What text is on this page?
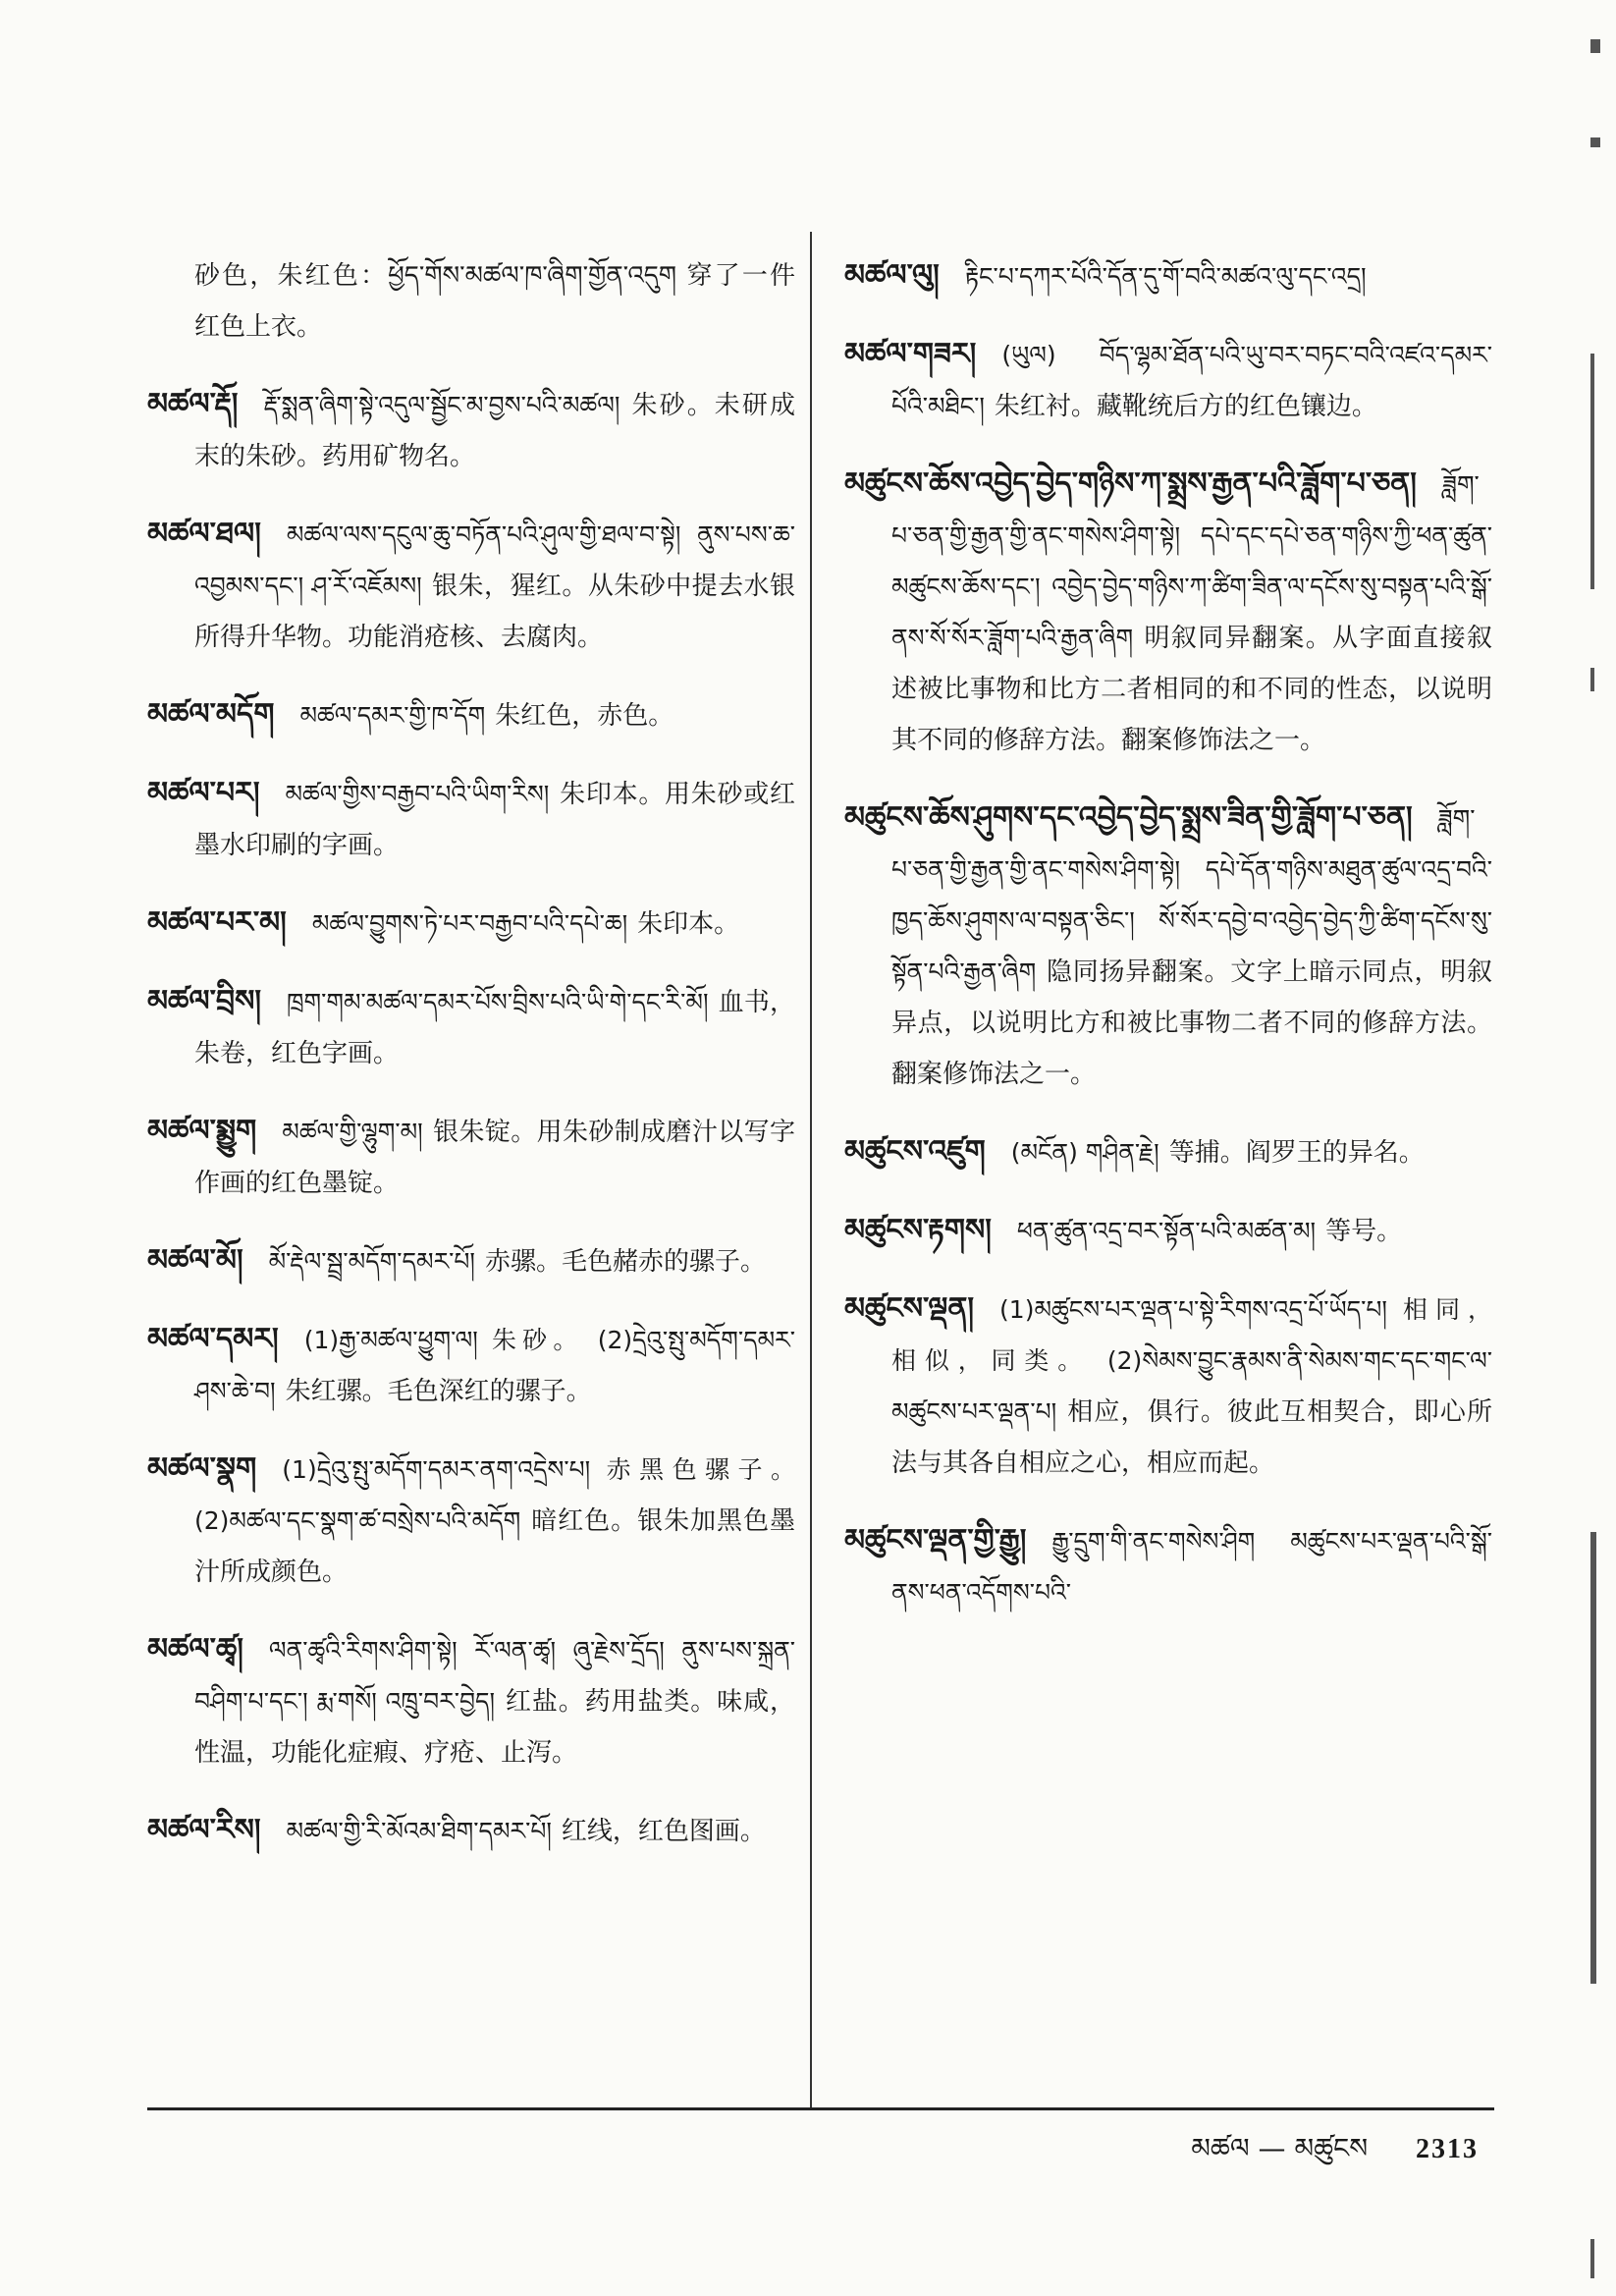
砂色，朱红色：ཕྱོད་གོས་མཚལ་ཁ་ཞིག་གྱོན་འདུག 穿了一件红色上衣。

མཚལ་རྡོ། རྡོ་སྨན་ཞིག་སྟེ་འདུལ་སྦྱོང་མ་བྱས་པའི་མཚལ། 朱砂。未研成末的朱砂。药用矿物名。

མཚལ་ཐལ། མཚལ་ལས་དངུལ་ཆུ་བཏོན་པའི་ཤུལ་གྱི་ཐལ་བ་སྟེ། ནུས་པས་ཆ་འབྱམས་དང་། ཤ་རོ་འཇོམས། 银朱，猩红。从朱砂中提去水银所得升华物。功能消疮核、去腐肉。

མཚལ་མདོག མཚལ་དམར་གྱི་ཁ་དོག 朱红色，赤色。

མཚལ་པར། མཚལ་གྱིས་བརྒྱབ་པའི་ཡིག་རིས། 朱印本。用朱砂或红墨水印刷的字画。

མཚལ་པར་མ། མཚལ་བྱུགས་ཏེ་པར་བརྒྱབ་པའི་དཔེ་ཆ། 朱印本。

མཚལ་བྲིས། ཁྲག་གམ་མཚལ་དམར་པོས་བྲིས་པའི་ཡི་གེ་དང་རི་མོ། 血书，朱卷，红色字画。

མཚལ་སྨྱུག མཚལ་གྱི་ལྷུག་མ། 银朱锭。用朱砂制成磨汁以写字作画的红色墨锭。

མཚལ་མོ། མོ་རྡེལ་སྦྲ་མདོག་དམར་པོ། 赤骡。毛色赭赤的骡子。

མཚལ་དམར། (1)རྒྱ་མཚལ་ཕྱུག་ལ། 朱砂。 (2)དྲེའུ་སྤུ་མདོག་དམར་ཤས་ཆེ་བ། 朱红骡。毛色深红的骡子。

མཚལ་སྣག (1)དྲེའུ་སྤུ་མདོག་དམར་ནག་འདྲེས་པ། 赤黑色骡子。 (2)མཚལ་དང་སྣག་ཚ་བསྲེས་པའི་མདོག 暗红色。银朱加黑色墨汁所成颜色。

མཚལ་ཚྭ། ལན་ཚྭའི་རིགས་ཤིག་སྟེ། རོ་ལན་ཚྭ། ཞུ་རྗེས་དྲོད། ནུས་པས་སྐྲན་བཤིག་པ་དང་། རྨ་གསོ། འཁྲུ་བར་བྱེད། 红盐。药用盐类。味咸，性温，功能化症瘕、疗疮、止泻。

མཚལ་རིས། མཚལ་གྱི་རི་མོའམ་ཐིག་དམར་པོ། 红线，红色图画。

མཚལ་ལུ། རྟིང་པ་དཀར་པོའི་དོན་དུ་གོ་བའི་མཚའ་ལུ་དང་འདྲ།

མཚལ་གཟར། (ཡུལ) བོད་ལྷམ་ཐོན་པའི་ཡུ་བར་བཏང་བའི་འཛའ་དམར་པོའི་མཐིང་། 朱红衬。藏靴统后方的红色镶边。

མཚུངས་ཆོས་འབྱེད་བྱེད་གཉིས་ཀ་སྨྲས་རྒྱན་པའི་ཟློག་པ་ཅན། ཟློག་པ་ཅན་གྱི་རྒྱན་གྱི་ནང་གསེས་ཤིག་སྟེ། དཔེ་དང་དཔེ་ཅན་གཉིས་ཀྱི་ཕན་ཚུན་མཚུངས་ཆོས་དང་། འབྱེད་བྱེད་གཉིས་ཀ་ཚིག་ཟིན་ལ་དངོས་སུ་བསྟན་པའི་སྒོ་ནས་སོ་སོར་ཟློག་པའི་རྒྱན་ཞིག 明叙同异翻案。从字面直接叙述被比事物和比方二者相同的和不同的性态，以说明其不同的修辞方法。翻案修饰法之一。

མཚུངས་ཆོས་ཤུགས་དང་འབྱེད་བྱེད་སྨྲས་ཟིན་གྱི་ཟློག་པ་ཅན། ཟློག་པ་ཅན་གྱི་རྒྱན་གྱི་ནང་གསེས་ཤིག་སྟེ། དཔེ་དོན་གཉིས་མཐུན་ཚུལ་འདྲ་བའི་ཁྱད་ཆོས་ཤུགས་ལ་བསྟན་ཅིང་། སོ་སོར་དབྱེ་བ་འབྱེད་བྱེད་ཀྱི་ཚིག་དངོས་སུ་སྟོན་པའི་རྒྱན་ཞིག 隐同扬异翻案。文字上暗示同点，明叙异点，以说明比方和被比事物二者不同的修辞方法。翻案修饰法之一。

མཚུངས་འཛུག (མངོན) གཤིན་རྗེ། 等捕。阎罗王的异名。

མཚུངས་རྟགས། ཕན་ཚུན་འདྲ་བར་སྟོན་པའི་མཚན་མ། 等号。

མཚུངས་ལྡན། (1)མཚུངས་པར་ལྡན་པ་སྟེ་རིགས་འདྲ་པོ་ཡོད་པ། 相同，相似，同类。 (2)སེམས་བྱུང་རྣམས་ནི་སེམས་གང་དང་གང་ལ་མཚུངས་པར་ལྡན་པ། 相应，俱行。彼此互相契合，即心所法与其各自相应之心，相应而起。

མཚུངས་ལྡན་གྱི་རྒྱུ། རྒྱུ་དྲུག་གི་ནང་གསེས་ཤིག མཚུངས་པར་ལྡན་པའི་སྒོ་ནས་ཕན་འདོགས་པའི་

མཚལ — མཚུངས 2313
